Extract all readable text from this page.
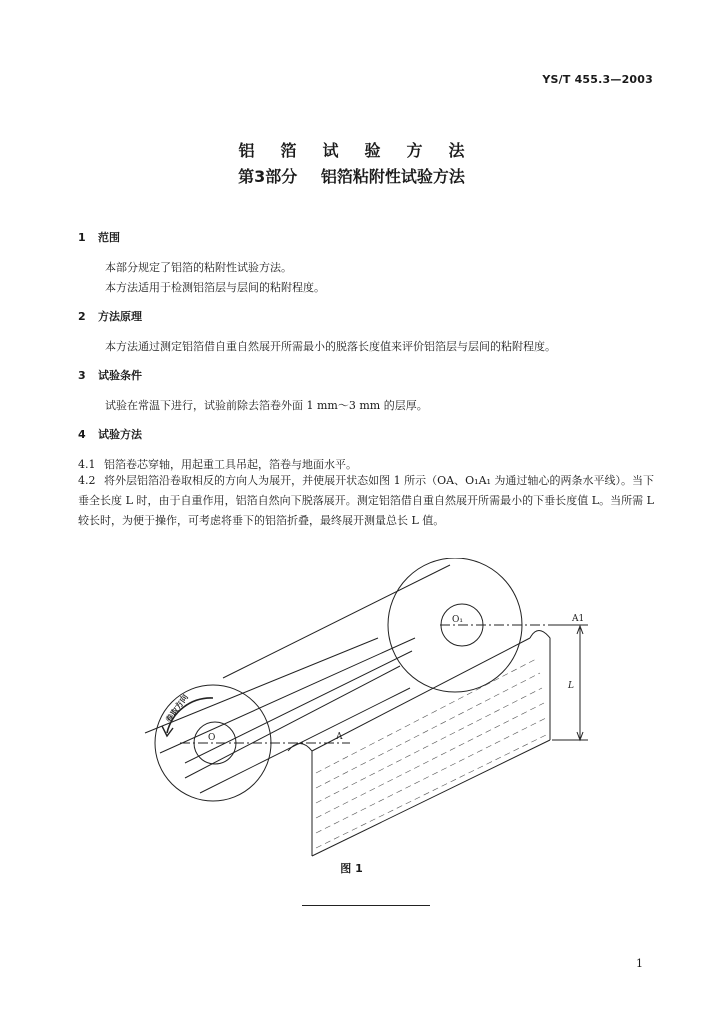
YS/T 455.3—2003
铝箔试验方法
第3部分 铝箔粘附性试验方法
1 范围
本部分规定了铝箔的粘附性试验方法。
本方法适用于检测铝箔层与层间的粘附程度。
2 方法原理
本方法通过测定铝箔借自重自然展开所需最小的脱落长度值来评价铝箔层与层间的粘附程度。
3 试验条件
试验在常温下进行，试验前除去箔卷外面 1 mm～3 mm 的层厚。
4 试验方法
4.1 铝箔卷芯穿轴，用起重工具吊起，箔卷与地面水平。
4.2 将外层铝箔沿卷取相反的方向人为展开，并使展开状态如图 1 所示（OA、O₁A₁ 为通过轴心的两条水平线）。当下垂全长度 L 时，由于自重作用，铝箔自然向下脱落展开。测定铝箔借自重自然展开所需最小的下垂长度值 L。当所需 L 较长时，为便于操作，可考虑将垂下的铝箔折叠，最终展开测量总长 L 值。
O
O₁
A
A1
L
卷取方向
图 1
1
